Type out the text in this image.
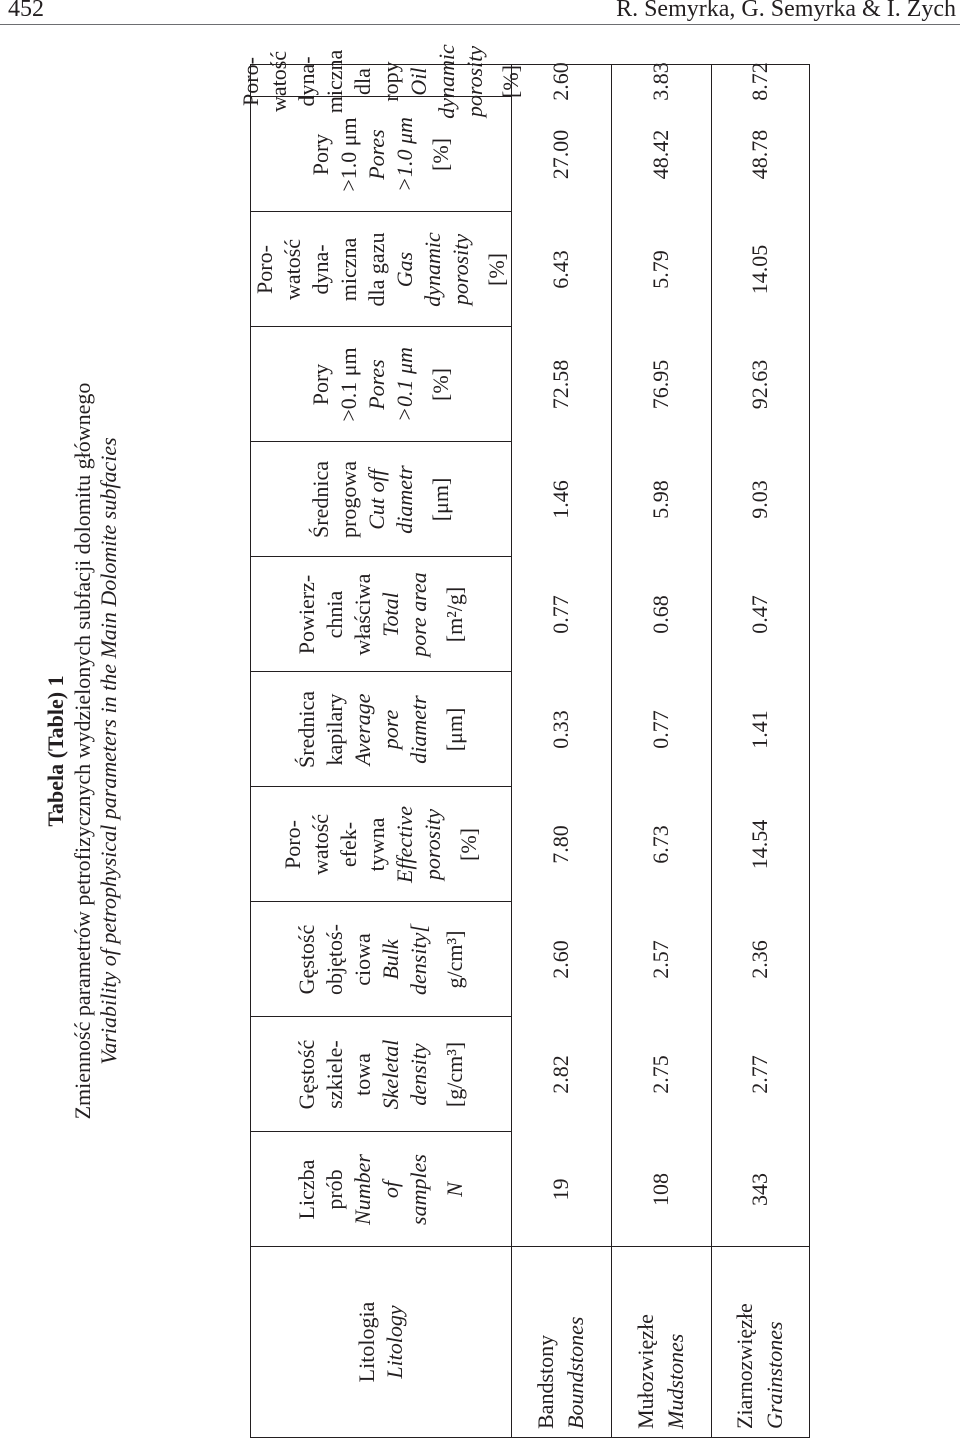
452	R. Semyrka, G. Semyrka & I. Zych
Tabela (Table) 1 Zmienność parametrów petrofizycznych wydzielonych subfacji dolomitu głównego Variability of petrophysical parameters in the Main Dolomite subfacies
Litologia Litology
Liczba prób Number of samples N
Gęstość szkiele- towa Skeletal density [g/cm³]
Gęstość objętoś- ciowa Bulk density[ g/cm³]
Poro- watość efek- tywna Effective porosity [%]
Średnica kapilary Average pore diametr [μm]
Powierz- chnia właściwa Total pore area [m²/g]
Średnica progowa Cut off diametr [μm]
Pory >0.1 μm Pores >0.1 μm [%]
Poro- watość dyna- miczna dla gazu Gas dynamic porosity [%]
Pory >1.0 μm Pores >1.0 μm [%]
Poro- watość dyna- miczna dla ropy Oil dynamic porosity [%]
Bandstony Boundstones
19
2.82
2.60
7.80
0.33
0.77
1.46
72.58
6.43
27.00
2.60
Mułozwięzłe Mudstones
108
2.75
2.57
6.73
0.77
0.68
5.98
76.95
5.79
48.42
3.83
Ziarnozwięzłe Grainstones
343
2.77
2.36
14.54
1.41
0.47
9.03
92.63
14.05
48.78
8.72
